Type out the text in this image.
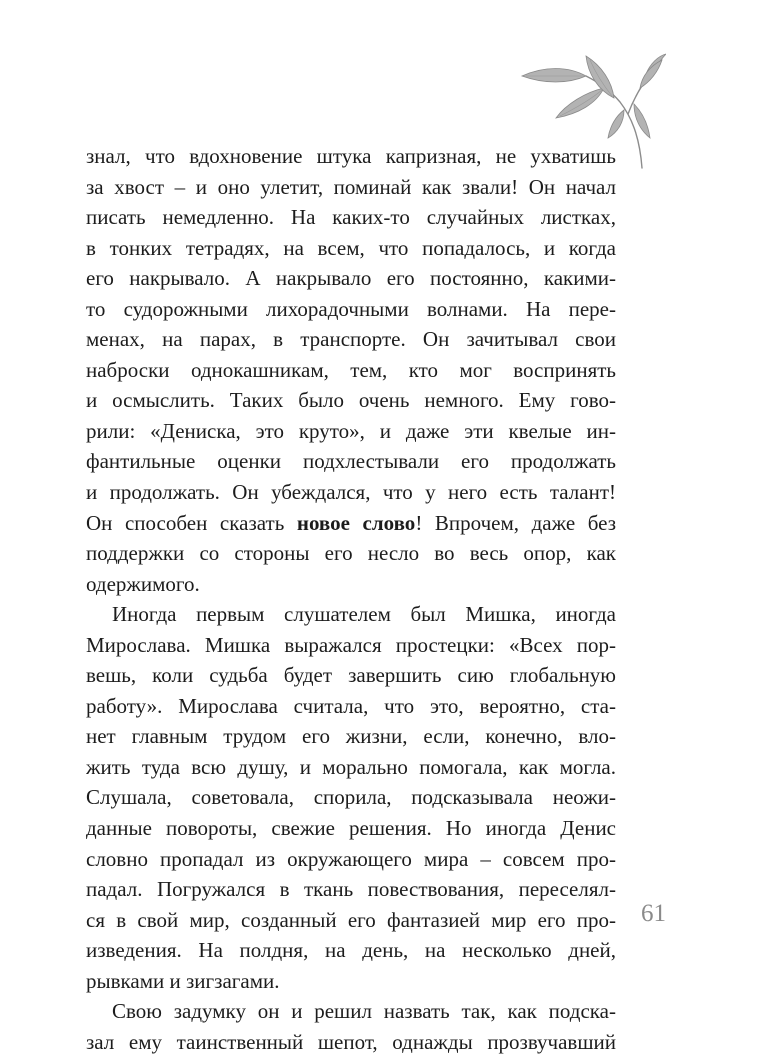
знал, что вдохновение штука капризная, не ухватишь
за хвост – и оно улетит, поминай как звали! Он начал
писать немедленно. На каких-то случайных листках,
в тонких тетрадях, на всем, что попадалось, и когда
его накрывало. А накрывало его постоянно, какими-
то судорожными лихорадочными волнами. На пере-
менах, на парах, в транспорте. Он зачитывал свои
наброски однокашникам, тем, кто мог воспринять
и осмыслить. Таких было очень немного. Ему гово-
рили: «Дениска, это круто», и даже эти квелые ин-
фантильные оценки подхлестывали его продолжать
и продолжать. Он убеждался, что у него есть талант!
Он способен сказать новое слово! Впрочем, даже без
поддержки со стороны его несло во весь опор, как
одержимого.
Иногда первым слушателем был Мишка, иногда
Мирослава. Мишка выражался простецки: «Всех пор-
вешь, коли судьба будет завершить сию глобальную
работу». Мирослава считала, что это, вероятно, ста-
нет главным трудом его жизни, если, конечно, вло-
жить туда всю душу, и морально помогала, как могла.
Слушала, советовала, спорила, подсказывала неожи-
данные повороты, свежие решения. Но иногда Денис
словно пропадал из окружающего мира – совсем про-
падал. Погружался в ткань повествования, переселял-
ся в свой мир, созданный его фантазией мир его про-
изведения. На полдня, на день, на несколько дней,
рывками и зигзагами.
Свою задумку он и решил назвать так, как подска-
зал ему таинственный шепот, однажды прозвучавший
61
